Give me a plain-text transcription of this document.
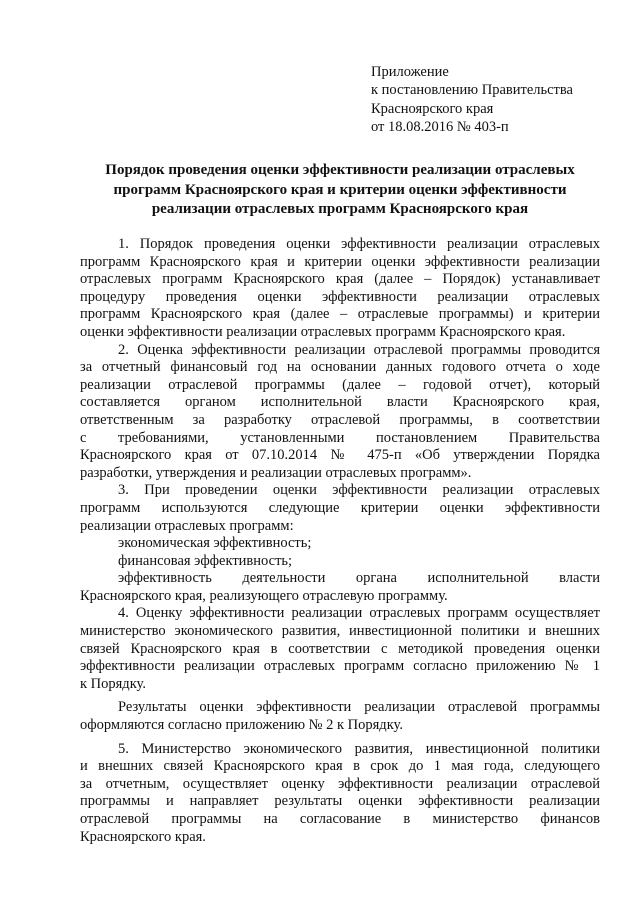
Приложение
к постановлению Правительства
Красноярского края
от 18.08.2016 № 403-п
Порядок проведения оценки эффективности реализации отраслевых
программ Красноярского края и критерии оценки эффективности
реализации отраслевых программ Красноярского края
1. Порядок проведения оценки эффективности реализации отраслевых
программ Красноярского края и критерии оценки эффективности реализации
отраслевых программ Красноярского края (далее – Порядок) устанавливает
процедуру проведения оценки эффективности реализации отраслевых
программ Красноярского края (далее – отраслевые программы) и критерии
оценки эффективности реализации отраслевых программ Красноярского края.
2. Оценка эффективности реализации отраслевой программы проводится
за отчетный финансовый год на основании данных годового отчета о ходе
реализации отраслевой программы (далее – годовой отчет), который
составляется органом исполнительной власти Красноярского края,
ответственным за разработку отраслевой программы, в соответствии
с требованиями, установленными постановлением Правительства
Красноярского края от 07.10.2014 № 475-п «Об утверждении Порядка
разработки, утверждения и реализации отраслевых программ».
3. При проведении оценки эффективности реализации отраслевых
программ используются следующие критерии оценки эффективности
реализации отраслевых программ:
экономическая эффективность;
финансовая эффективность;
эффективность деятельности органа исполнительной власти
Красноярского края, реализующего отраслевую программу.
4. Оценку эффективности реализации отраслевых программ осуществляет
министерство экономического развития, инвестиционной политики и внешних
связей Красноярского края в соответствии с методикой проведения оценки
эффективности реализации отраслевых программ согласно приложению № 1
к Порядку.
Результаты оценки эффективности реализации отраслевой программы
оформляются согласно приложению № 2 к Порядку.
5. Министерство экономического развития, инвестиционной политики
и внешних связей Красноярского края в срок до 1 мая года, следующего
за отчетным, осуществляет оценку эффективности реализации отраслевой
программы и направляет результаты оценки эффективности реализации
отраслевой программы на согласование в министерство финансов
Красноярского края.
